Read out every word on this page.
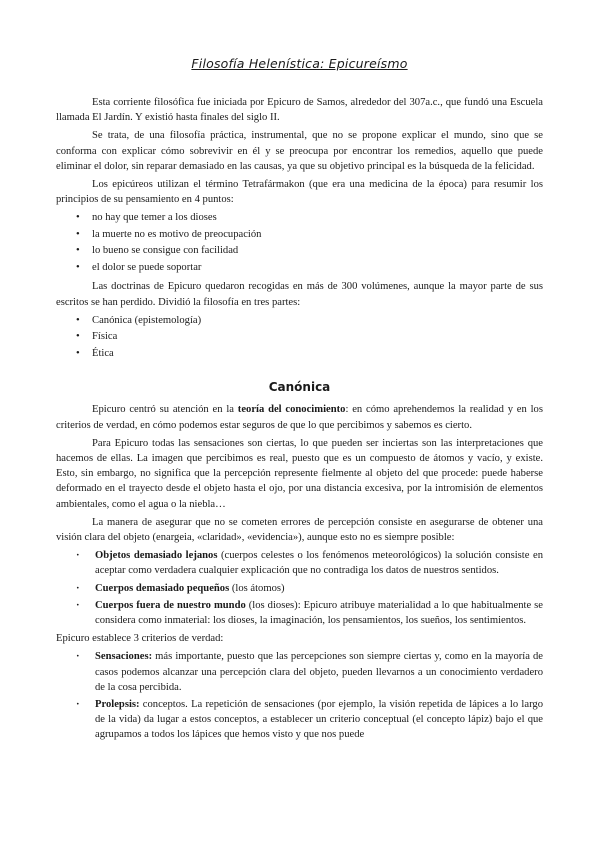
Filosofía Helenística: Epicureísmo

Esta corriente filosófica fue iniciada por Epicuro de Samos, alrededor del 307a.c., que fundó una Escuela llamada El Jardín. Y existió hasta finales del siglo II.

Se trata, de una filosofía práctica, instrumental, que no se propone explicar el mundo, sino que se conforma con explicar cómo sobrevivir en él y se preocupa por encontrar los remedios, aquello que puede eliminar el dolor, sin reparar demasiado en las causas, ya que su objetivo principal es la búsqueda de la felicidad.

Los epicúreos utilizan el término Tetrafármakon (que era una medicina de la época) para resumir los principios de su pensamiento en 4 puntos:

• no hay que temer a los dioses
• la muerte no es motivo de preocupación
• lo bueno se consigue con facilidad
• el dolor se puede soportar

Las doctrinas de Epicuro quedaron recogidas en más de 300 volúmenes, aunque la mayor parte de sus escritos se han perdido. Dividió la filosofía en tres partes:

• Canónica (epistemología)
• Física
• Ética
Canónica

Epicuro centró su atención en la teoría del conocimiento: en cómo aprehendemos la realidad y en los criterios de verdad, en cómo podemos estar seguros de que lo que percibimos y sabemos es cierto.

Para Epicuro todas las sensaciones son ciertas, lo que pueden ser inciertas son las interpretaciones que hacemos de ellas. La imagen que percibimos es real, puesto que es un compuesto de átomos y vacío, y existe. Esto, sin embargo, no significa que la percepción represente fielmente al objeto del que procede: puede haberse deformado en el trayecto desde el objeto hasta el ojo, por una distancia excesiva, por la intromisión de elementos ambientales, como el agua o la niebla…

La manera de asegurar que no se cometen errores de percepción consiste en asegurarse de obtener una visión clara del objeto (enargeia, «claridad», «evidencia»), aunque esto no es siempre posible:

· Objetos demasiado lejanos (cuerpos celestes o los fenómenos meteorológicos) la solución consiste en aceptar como verdadera cualquier explicación que no contradiga los datos de nuestros sentidos.
· Cuerpos demasiado pequeños (los átomos)
· Cuerpos fuera de nuestro mundo (los dioses): Epicuro atribuye materialidad a lo que habitualmente se considera como inmaterial: los dioses, la imaginación, los pensamientos, los sueños, los sentimientos.

Epicuro establece 3 criterios de verdad:

· Sensaciones: más importante, puesto que las percepciones son siempre ciertas y, como en la mayoría de casos podemos alcanzar una percepción clara del objeto, pueden llevarnos a un conocimiento verdadero de la cosa percibida.
· Prolepsis: conceptos. La repetición de sensaciones (por ejemplo, la visión repetida de lápices a lo largo de la vida) da lugar a estos conceptos, a establecer un criterio conceptual (el concepto lápiz) bajo el que agrupamos a todos los lápices que hemos visto y que nos puede
